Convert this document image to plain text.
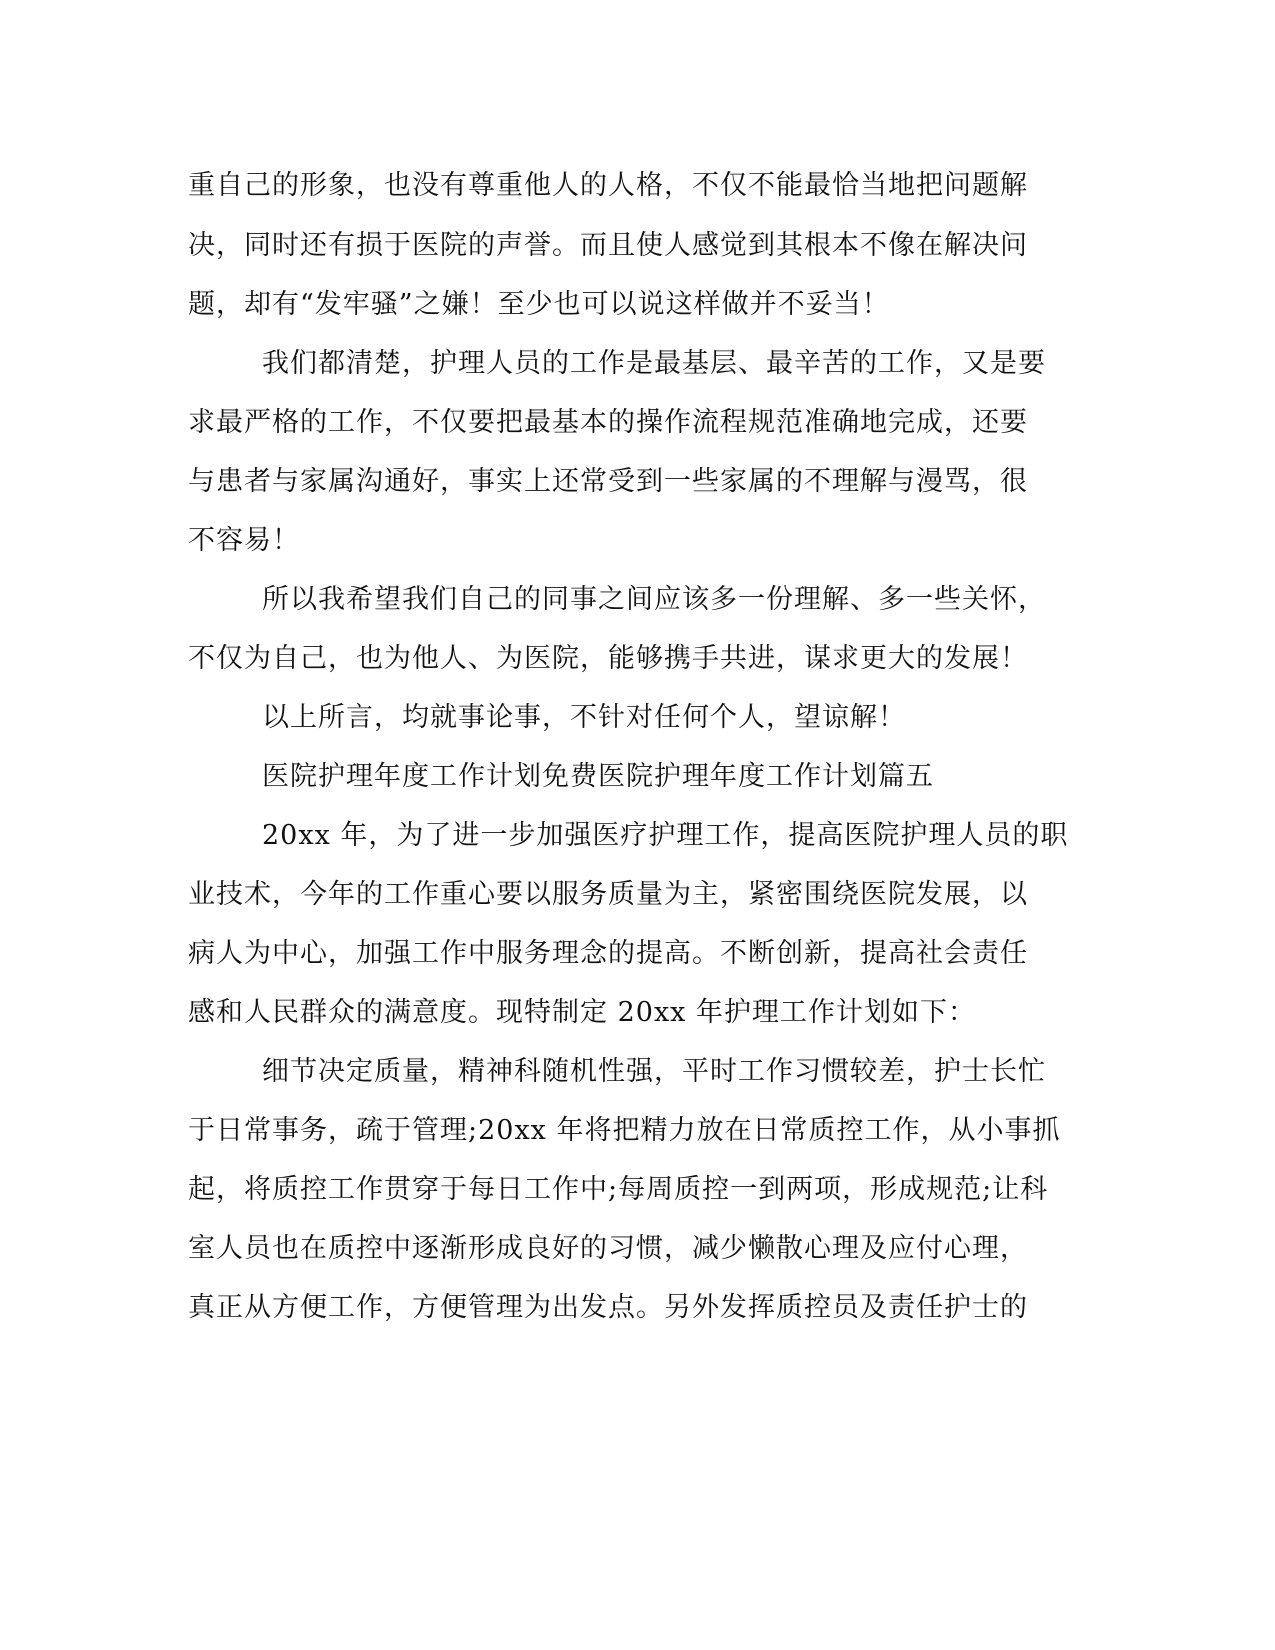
重自己的形象，也没有尊重他人的人格，不仅不能最恰当地把问题解
决，同时还有损于医院的声誉。而且使人感觉到其根本不像在解决问
题，却有“发牢骚”之嫌！至少也可以说这样做并不妥当！
我们都清楚，护理人员的工作是最基层、最辛苦的工作，又是要
求最严格的工作，不仅要把最基本的操作流程规范准确地完成，还要
与患者与家属沟通好，事实上还常受到一些家属的不理解与漫骂，很
不容易！
所以我希望我们自己的同事之间应该多一份理解、多一些关怀，
不仅为自己，也为他人、为医院，能够携手共进，谋求更大的发展！
以上所言，均就事论事，不针对任何个人，望谅解！
医院护理年度工作计划免费医院护理年度工作计划篇五
20xx 年，为了进一步加强医疗护理工作，提高医院护理人员的职
业技术，今年的工作重心要以服务质量为主，紧密围绕医院发展，以
病人为中心，加强工作中服务理念的提高。不断创新，提高社会责任
感和人民群众的满意度。现特制定 20xx 年护理工作计划如下：
细节决定质量，精神科随机性强，平时工作习惯较差，护士长忙
于日常事务，疏于管理;20xx 年将把精力放在日常质控工作，从小事抓
起，将质控工作贯穿于每日工作中;每周质控一到两项，形成规范;让科
室人员也在质控中逐渐形成良好的习惯，减少懒散心理及应付心理，
真正从方便工作，方便管理为出发点。另外发挥质控员及责任护士的
